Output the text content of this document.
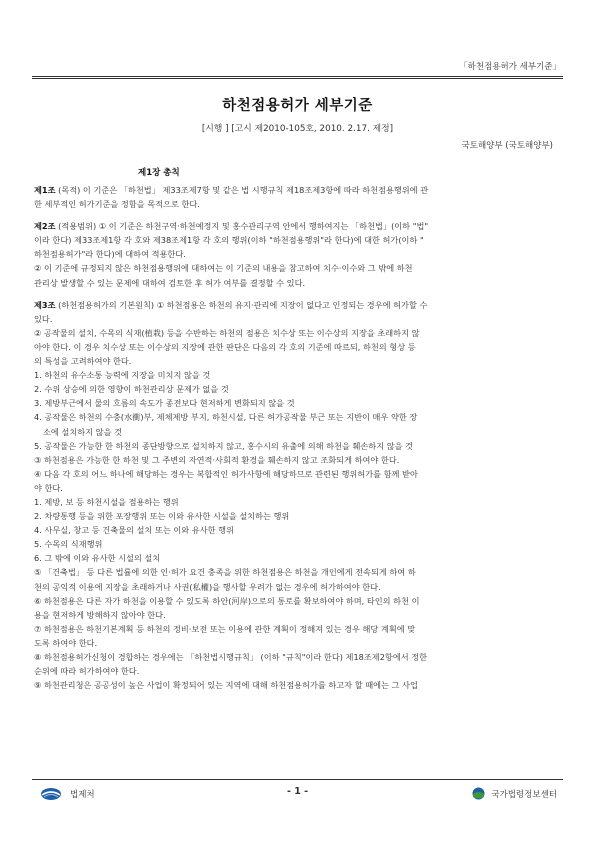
「하천점용허가 세부기준」
하천점용허가 세부기준
[시행 ] [고시 제2010-105호, 2010. 2.17. 제정]
국토해양부 (국토해양부)
제1장 총칙
제1조 (목적) 이 기준은 「하천법」 제33조제7항 및 같은 법 시행규칙 제18조제3항에 따라 하천점용행위에 관
한 세부적인 허가기준을 정함을 목적으로 한다.
제2조 (적용범위) ① 이 기준은 하천구역·하천예정지 및 홍수관리구역 안에서 행하여지는 「하천법」(이하 "법"
이라 한다) 제33조제1항 각 호와 제38조제1항 각 호의 행위(이하 "하천점용행위"라 한다)에 대한 허가(이하 "
하천점용허가"라 한다)에 대하여 적용한다.
② 이 기준에 규정되지 않은 하천점용행위에 대하여는 이 기준의 내용을 참고하여 치수·이수와 그 밖에 하천
관리상 발생할 수 있는 문제에 대하여 검토한 후 허가 여부를 결정할 수 있다.
제3조 (하천점용허가의 기본원칙) ① 하천점용은 하천의 유지·관리에 지장이 없다고 인정되는 경우에 허가할 수
있다.
② 공작물의 설치, 수목의 식재(植栽) 등을 수반하는 하천의 점용은 치수상 또는 이수상의 지장을 초래하지 않
아야 한다. 이 경우 치수상 또는 이수상의 지장에 관한 판단은 다음의 각 호의 기준에 따르되, 하천의 형상 등
의 특성을 고려하여야 한다.
1. 하천의 유수소통 능력에 지장을 미치지 않을 것
2. 수위 상승에 의한 영향이 하천관리상 문제가 없을 것
3. 제방부근에서 물의 흐름의 속도가 종전보다 현저하게 변화되지 않을 것
4. 공작물은 하천의 수충(水衝)부, 제체제방 부지, 하천시설, 다른 허가공작물 부근 또는 지반이 매우 약한 장
소에 설치하지 않을 것
5. 공작물은 가능한 한 하천의 종단방향으로 설치하지 않고, 홍수시의 유출에 의해 하천을 훼손하지 않을 것
③ 하천점용은 가능한 한 하천 및 그 주변의 자연적·사회적 환경을 훼손하지 않고 조화되게 하여야 한다.
④ 다음 각 호의 어느 하나에 해당하는 경우는 복합적인 허가사항에 해당하므로 관련된 행위허가를 함께 받아
야 한다.
1. 제방, 보 등 하천시설을 점용하는 행위
2. 차량통행 등을 위한 포장행위 또는 이와 유사한 시설을 설치하는 행위
4. 사무실, 창고 등 건축물의 설치 또는 이와 유사한 행위
5. 수목의 식재행위
6. 그 밖에 이와 유사한 시설의 설치
⑤ 「건축법」 등 다른 법률에 의한 인·허가 요건 충족을 위한 하천점용은 하천을 개인에게 전속되게 하여 하
천의 공익적 이용에 지장을 초래하거나 사권(私權)을 행사할 우려가 없는 경우에 허가하여야 한다.
⑥ 하천점용은 다른 자가 하천을 이용할 수 있도록 하안(河岸)으로의 통로를 확보하여야 하며, 타인의 하천 이
용을 현저하게 방해하지 않아야 한다.
⑦ 하천점용은 하천기본계획 등 하천의 정비·보전 또는 이용에 관한 계획이 정해져 있는 경우 해당 계획에 맞
도록 하여야 한다.
⑧ 하천점용허가신청이 경합하는 경우에는 「하천법시행규칙」 (이하 "규칙"이라 한다) 제18조제2항에서 정한
순위에 따라 허가하여야 한다.
⑨ 하천관리청은 공공성이 높은 사업이 확정되어 있는 지역에 대해 하천점용허가를 하고자 할 때에는 그 사업
법제처	- 1 -	국가법령정보센터
